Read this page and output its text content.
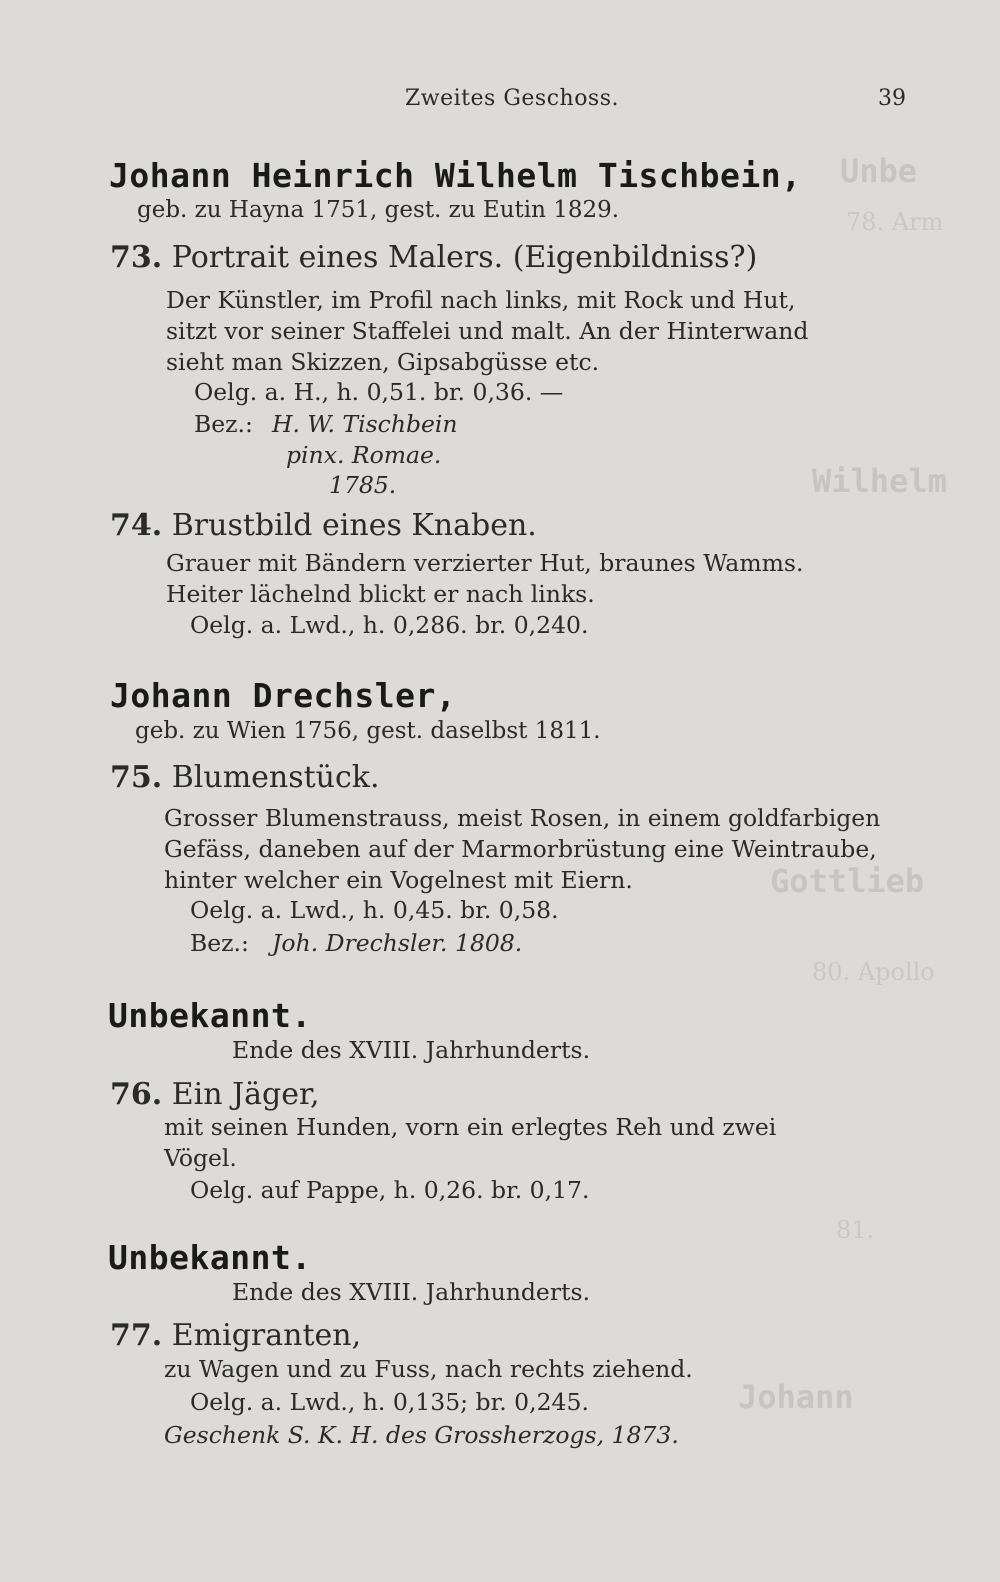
Unbe
78. Arm
Wilhelm
Gottlieb
80. Apollo
81.
Johann
Zweites Geschoss.	39
Johann Heinrich Wilhelm Tischbein,
geb. zu Hayna 1751, gest. zu Eutin 1829.
73. Portrait eines Malers. (Eigenbildniss?)
Der Künstler, im Profil nach links, mit Rock und Hut,
sitzt vor seiner Staffelei und malt. An der Hinterwand
sieht man Skizzen, Gipsabgüsse etc.
Oelg. a. H., h. 0,51. br. 0,36. —
Bez.: H. W. Tischbein
pinx. Romae.
1785.
74. Brustbild eines Knaben.
Grauer mit Bändern verzierter Hut, braunes Wamms.
Heiter lächelnd blickt er nach links.
Oelg. a. Lwd., h. 0,286. br. 0,240.
Johann Drechsler,
geb. zu Wien 1756, gest. daselbst 1811.
75. Blumenstück.
Grosser Blumenstrauss, meist Rosen, in einem goldfarbigen
Gefäss, daneben auf der Marmorbrüstung eine Weintraube,
hinter welcher ein Vogelnest mit Eiern.
Oelg. a. Lwd., h. 0,45. br. 0,58.
Bez.: Joh. Drechsler. 1808.
Unbekannt.
Ende des XVIII. Jahrhunderts.
76. Ein Jäger,
mit seinen Hunden, vorn ein erlegtes Reh und zwei
Vögel.
Oelg. auf Pappe, h. 0,26. br. 0,17.
Unbekannt.
Ende des XVIII. Jahrhunderts.
77. Emigranten,
zu Wagen und zu Fuss, nach rechts ziehend.
Oelg. a. Lwd., h. 0,135; br. 0,245.
Geschenk S. K. H. des Grossherzogs, 1873.
